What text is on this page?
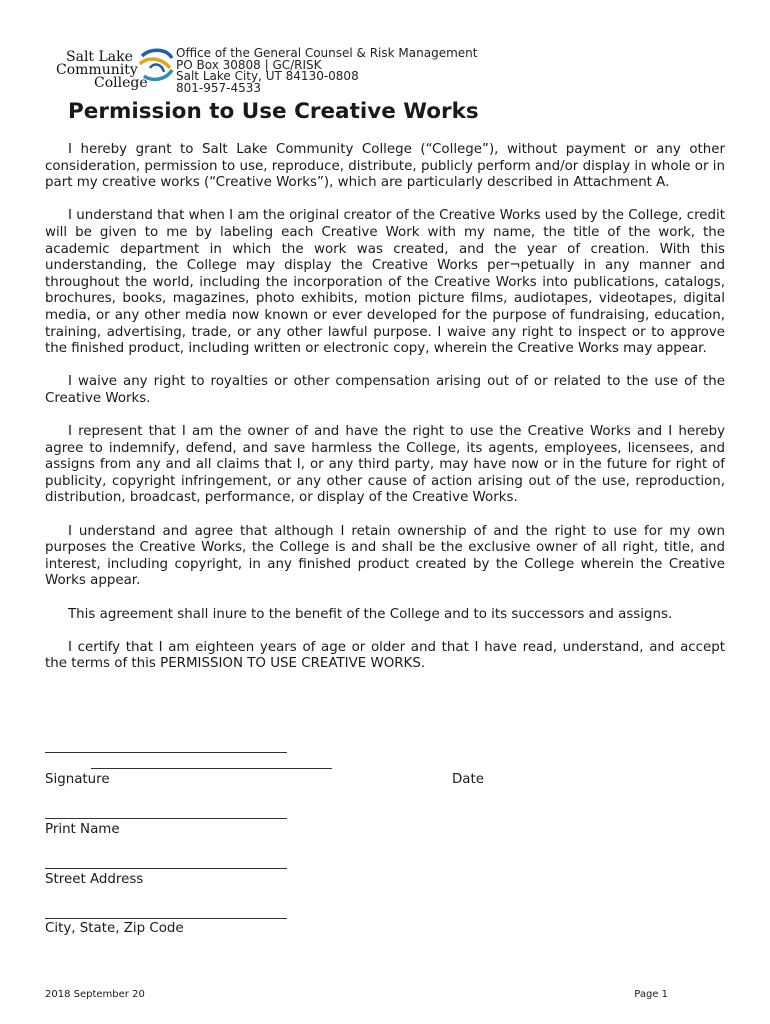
Salt Lake
Community
College
Office of the General Counsel & Risk Management
PO Box 30808 | GC/RISK
Salt Lake City, UT 84130-0808
801-957-4533
Permission to Use Creative Works

I hereby grant to Salt Lake Community College (“College”), without payment or any other consideration, permission to use, reproduce, distribute, publicly perform and/or display in whole or in part my creative works (“Creative Works”), which are particularly described in Attachment A.

I understand that when I am the original creator of the Creative Works used by the College, credit will be given to me by labeling each Creative Work with my name, the title of the work, the academic department in which the work was created, and the year of creation. With this understanding, the College may display the Creative Works per¬petually in any manner and throughout the world, including the incorporation of the Creative Works into publications, catalogs, brochures, books, magazines, photo exhibits, motion picture films, audiotapes, videotapes, digital media, or any other media now known or ever developed for the purpose of fundraising, education, training, advertising, trade, or any other lawful purpose. I waive any right to inspect or to approve the finished product, including written or electronic copy, wherein the Creative Works may appear.

I waive any right to royalties or other compensation arising out of or related to the use of the Creative Works.

I represent that I am the owner of and have the right to use the Creative Works and I hereby agree to indemnify, defend, and save harmless the College, its agents, employees, licensees, and assigns from any and all claims that I, or any third party, may have now or in the future for right of publicity, copyright infringement, or any other cause of action arising out of the use, reproduction, distribution, broadcast, performance, or display of the Creative Works.

I understand and agree that although I retain ownership of and the right to use for my own purposes the Creative Works, the College is and shall be the exclusive owner of all right, title, and interest, including copyright, in any finished product created by the College wherein the Creative Works appear.

This agreement shall inure to the benefit of the College and to its successors and assigns.

I certify that I am eighteen years of age or older and that I have read, understand, and accept the terms of this PERMISSION TO USE CREATIVE WORKS.

Signature	Date
Print Name
Street Address
City, State, Zip Code
2018 September 20	Page 1
